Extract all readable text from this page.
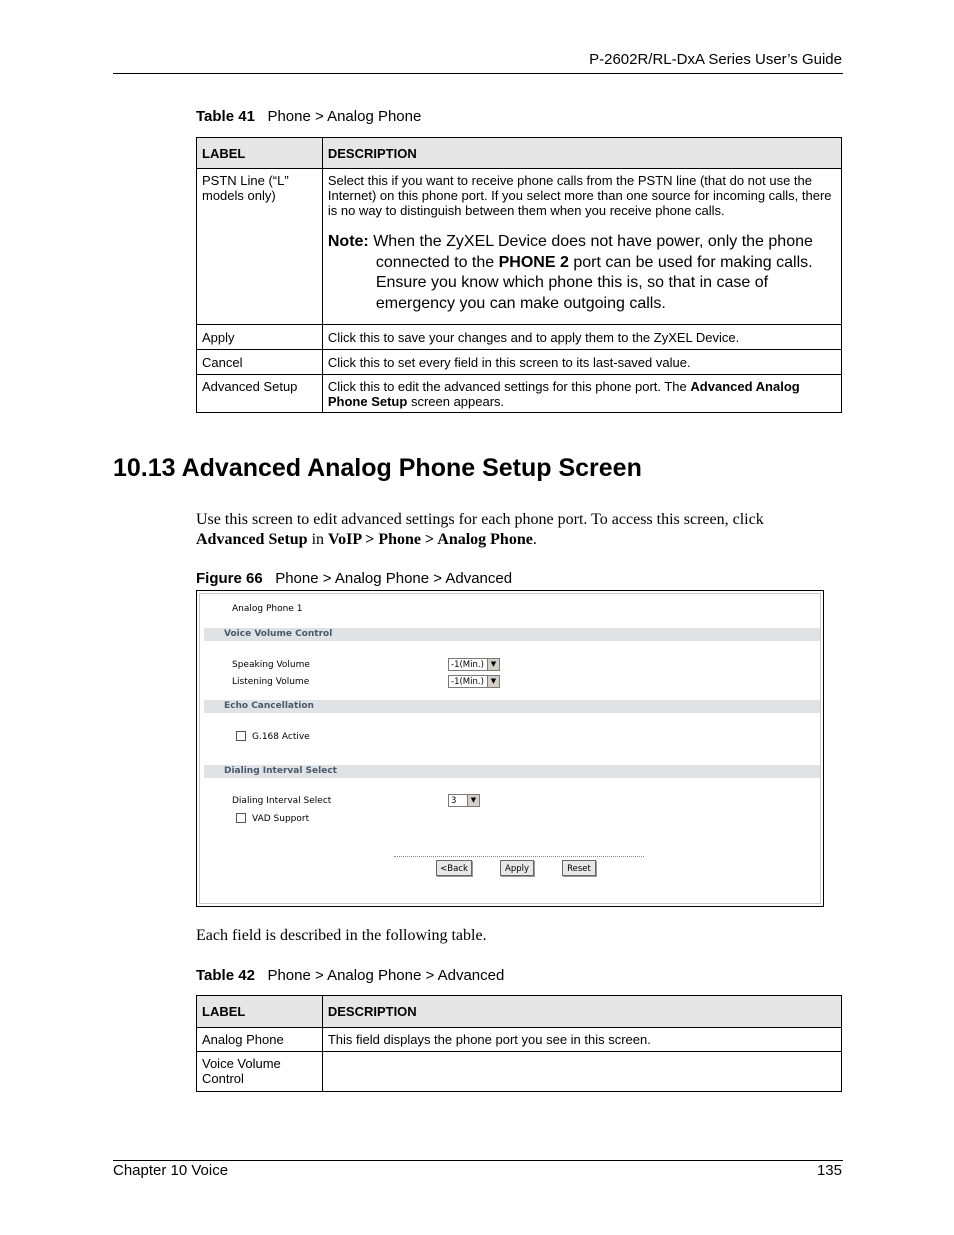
P-2602R/RL-DxA Series User’s Guide
Table 41 Phone > Analog Phone
LABEL	DESCRIPTION
PSTN Line (“L” models only)	Select this if you want to receive phone calls from the PSTN line (that do not use the Internet) on this phone port. If you select more than one source for incoming calls, there is no way to distinguish between them when you receive phone calls.
Note: When the ZyXEL Device does not have power, only the phone connected to the PHONE 2 port can be used for making calls. Ensure you know which phone this is, so that in case of emergency you can make outgoing calls.

Apply	Click this to save your changes and to apply them to the ZyXEL Device.
Cancel	Click this to set every field in this screen to its last-saved value.
Advanced Setup	Click this to edit the advanced settings for this phone port. The Advanced Analog Phone Setup screen appears.
10.13 Advanced Analog Phone Setup Screen
Use this screen to edit advanced settings for each phone port. To access this screen, click Advanced Setup in VoIP > Phone > Analog Phone.
Figure 66 Phone > Analog Phone > Advanced
Analog Phone 1
Voice Volume Control
Speaking Volume	-1(Min.) ▼
Listening Volume	-1(Min.) ▼
Echo Cancellation
G.168 Active
Dialing Interval Select
Dialing Interval Select	3	▼
VAD Support
<Back	Apply	Reset
Each field is described in the following table.
Table 42 Phone > Analog Phone > Advanced
LABEL	DESCRIPTION
Analog Phone	This field displays the phone port you see in this screen.
Voice Volume Control	
Chapter 10 Voice	135
